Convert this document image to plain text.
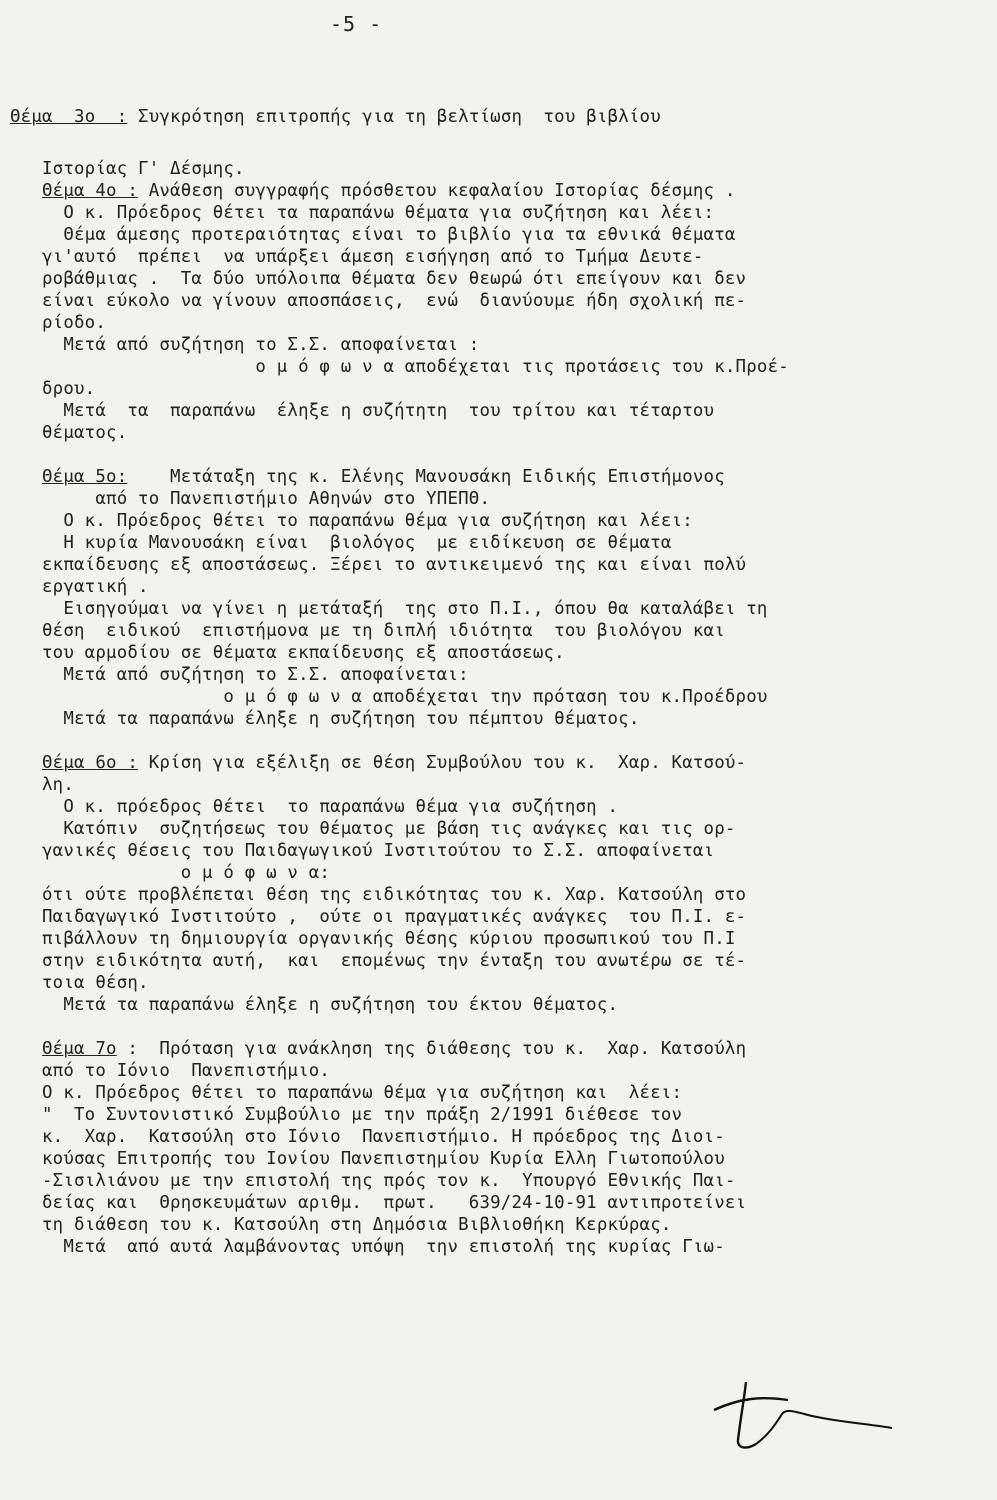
-5 -
Θέμα  3ο  : Συγκρότηση επιτροπής για τη βελτίωση  του βιβλίου
Ιστορίας Γ' Δέσμης.
Θέμα 4ο : Ανάθεση συγγραφής πρόσθετου κεφαλαίου Ιστορίας δέσμης .
Ο κ. Πρόεδρος θέτει τα παραπάνω θέματα για συζήτηση και λέει:
Θέμα άμεσης προτεραιότητας είναι το βιβλίο για τα εθνικά θέματα
γι'αυτό  πρέπει  να υπάρξει άμεση εισήγηση από το Τμήμα Δευτε-
ροβάθμιας .  Τα δύο υπόλοιπα θέματα δεν θεωρώ ότι επείγουν και δεν
είναι εύκολο να γίνουν αποσπάσεις,  ενώ  διανύουμε ήδη σχολική πε-
ρίοδο.
Μετά από συζήτηση το Σ.Σ. αποφαίνεται :
ο μ ό φ ω ν α αποδέχεται τις προτάσεις του κ.Προέ-
δρου.
Μετά  τα  παραπάνω  έληξε η συζήτητη  του τρίτου και τέταρτου
θέματος.
Θέμα 5ο:    Μετάταξη της κ. Ελένης Μανουσάκη Ειδικής Επιστήμονος
από το Πανεπιστήμιο Αθηνών στο ΥΠΕΠΘ.
Ο κ. Πρόεδρος θέτει το παραπάνω θέμα για συζήτηση και λέει:
Η κυρία Μανουσάκη είναι  βιολόγος  με ειδίκευση σε θέματα
εκπαίδευσης εξ αποστάσεως. Ξέρει το αντικειμενό της και είναι πολύ
εργατική .
Εισηγούμαι να γίνει η μετάταξή  της στο Π.Ι., όπου θα καταλάβει τη
θέση  ειδικού  επιστήμονα με τη διπλή ιδιότητα  του βιολόγου και
του αρμοδίου σε θέματα εκπαίδευσης εξ αποστάσεως.
Μετά από συζήτηση το Σ.Σ. αποφαίνεται:
ο μ ό φ ω ν α αποδέχεται την πρόταση του κ.Προέδρου
Μετά τα παραπάνω έληξε η συζήτηση του πέμπτου θέματος.
Θέμα 6ο : Κρίση για εξέλιξη σε θέση Συμβούλου του κ.  Χαρ. Κατσού-
λη.
Ο κ. πρόεδρος θέτει  το παραπάνω θέμα για συζήτηση .
Κατόπιν  συζητήσεως του θέματος με βάση τις ανάγκες και τις ορ-
γανικές θέσεις του Παιδαγωγικού Ινστιτούτου το Σ.Σ. αποφαίνεται
ο μ ό φ ω ν α:
ότι ούτε προβλέπεται θέση της ειδικότητας του κ. Χαρ. Κατσούλη στο
Παιδαγωγικό Ινστιτούτο ,  ούτε οι πραγματικές ανάγκες  του Π.Ι. ε-
πιβάλλουν τη δημιουργία οργανικής θέσης κύριου προσωπικού του Π.Ι
στην ειδικότητα αυτή,  και  επομένως την ένταξη του ανωτέρω σε τέ-
τοια θέση.
Μετά τα παραπάνω έληξε η συζήτηση του έκτου θέματος.
Θέμα 7ο :  Πρόταση για ανάκληση της διάθεσης του κ.  Χαρ. Κατσούλη
από το Ιόνιο  Πανεπιστήμιο.
Ο κ. Πρόεδρος θέτει το παραπάνω θέμα για συζήτηση και  λέει:
"  Το Συντονιστικό Συμβούλιο με την πράξη 2/1991 διέθεσε τον
κ.  Χαρ.  Κατσούλη στο Ιόνιο  Πανεπιστήμιο. Η πρόεδρος της Διοι-
κούσας Επιτροπής του Ιονίου Πανεπιστημίου Κυρία Ελλη Γιωτοπούλου
-Σισιλιάνου με την επιστολή της πρός τον κ.  Υπουργό Εθνικής Παι-
δείας και  Θρησκευμάτων αριθμ.  πρωτ.   639/24-10-91 αντιπροτείνει
τη διάθεση του κ. Κατσούλη στη Δημόσια Βιβλιοθήκη Κερκύρας.
Μετά  από αυτά λαμβάνοντας υπόψη  την επιστολή της κυρίας Γιω-
